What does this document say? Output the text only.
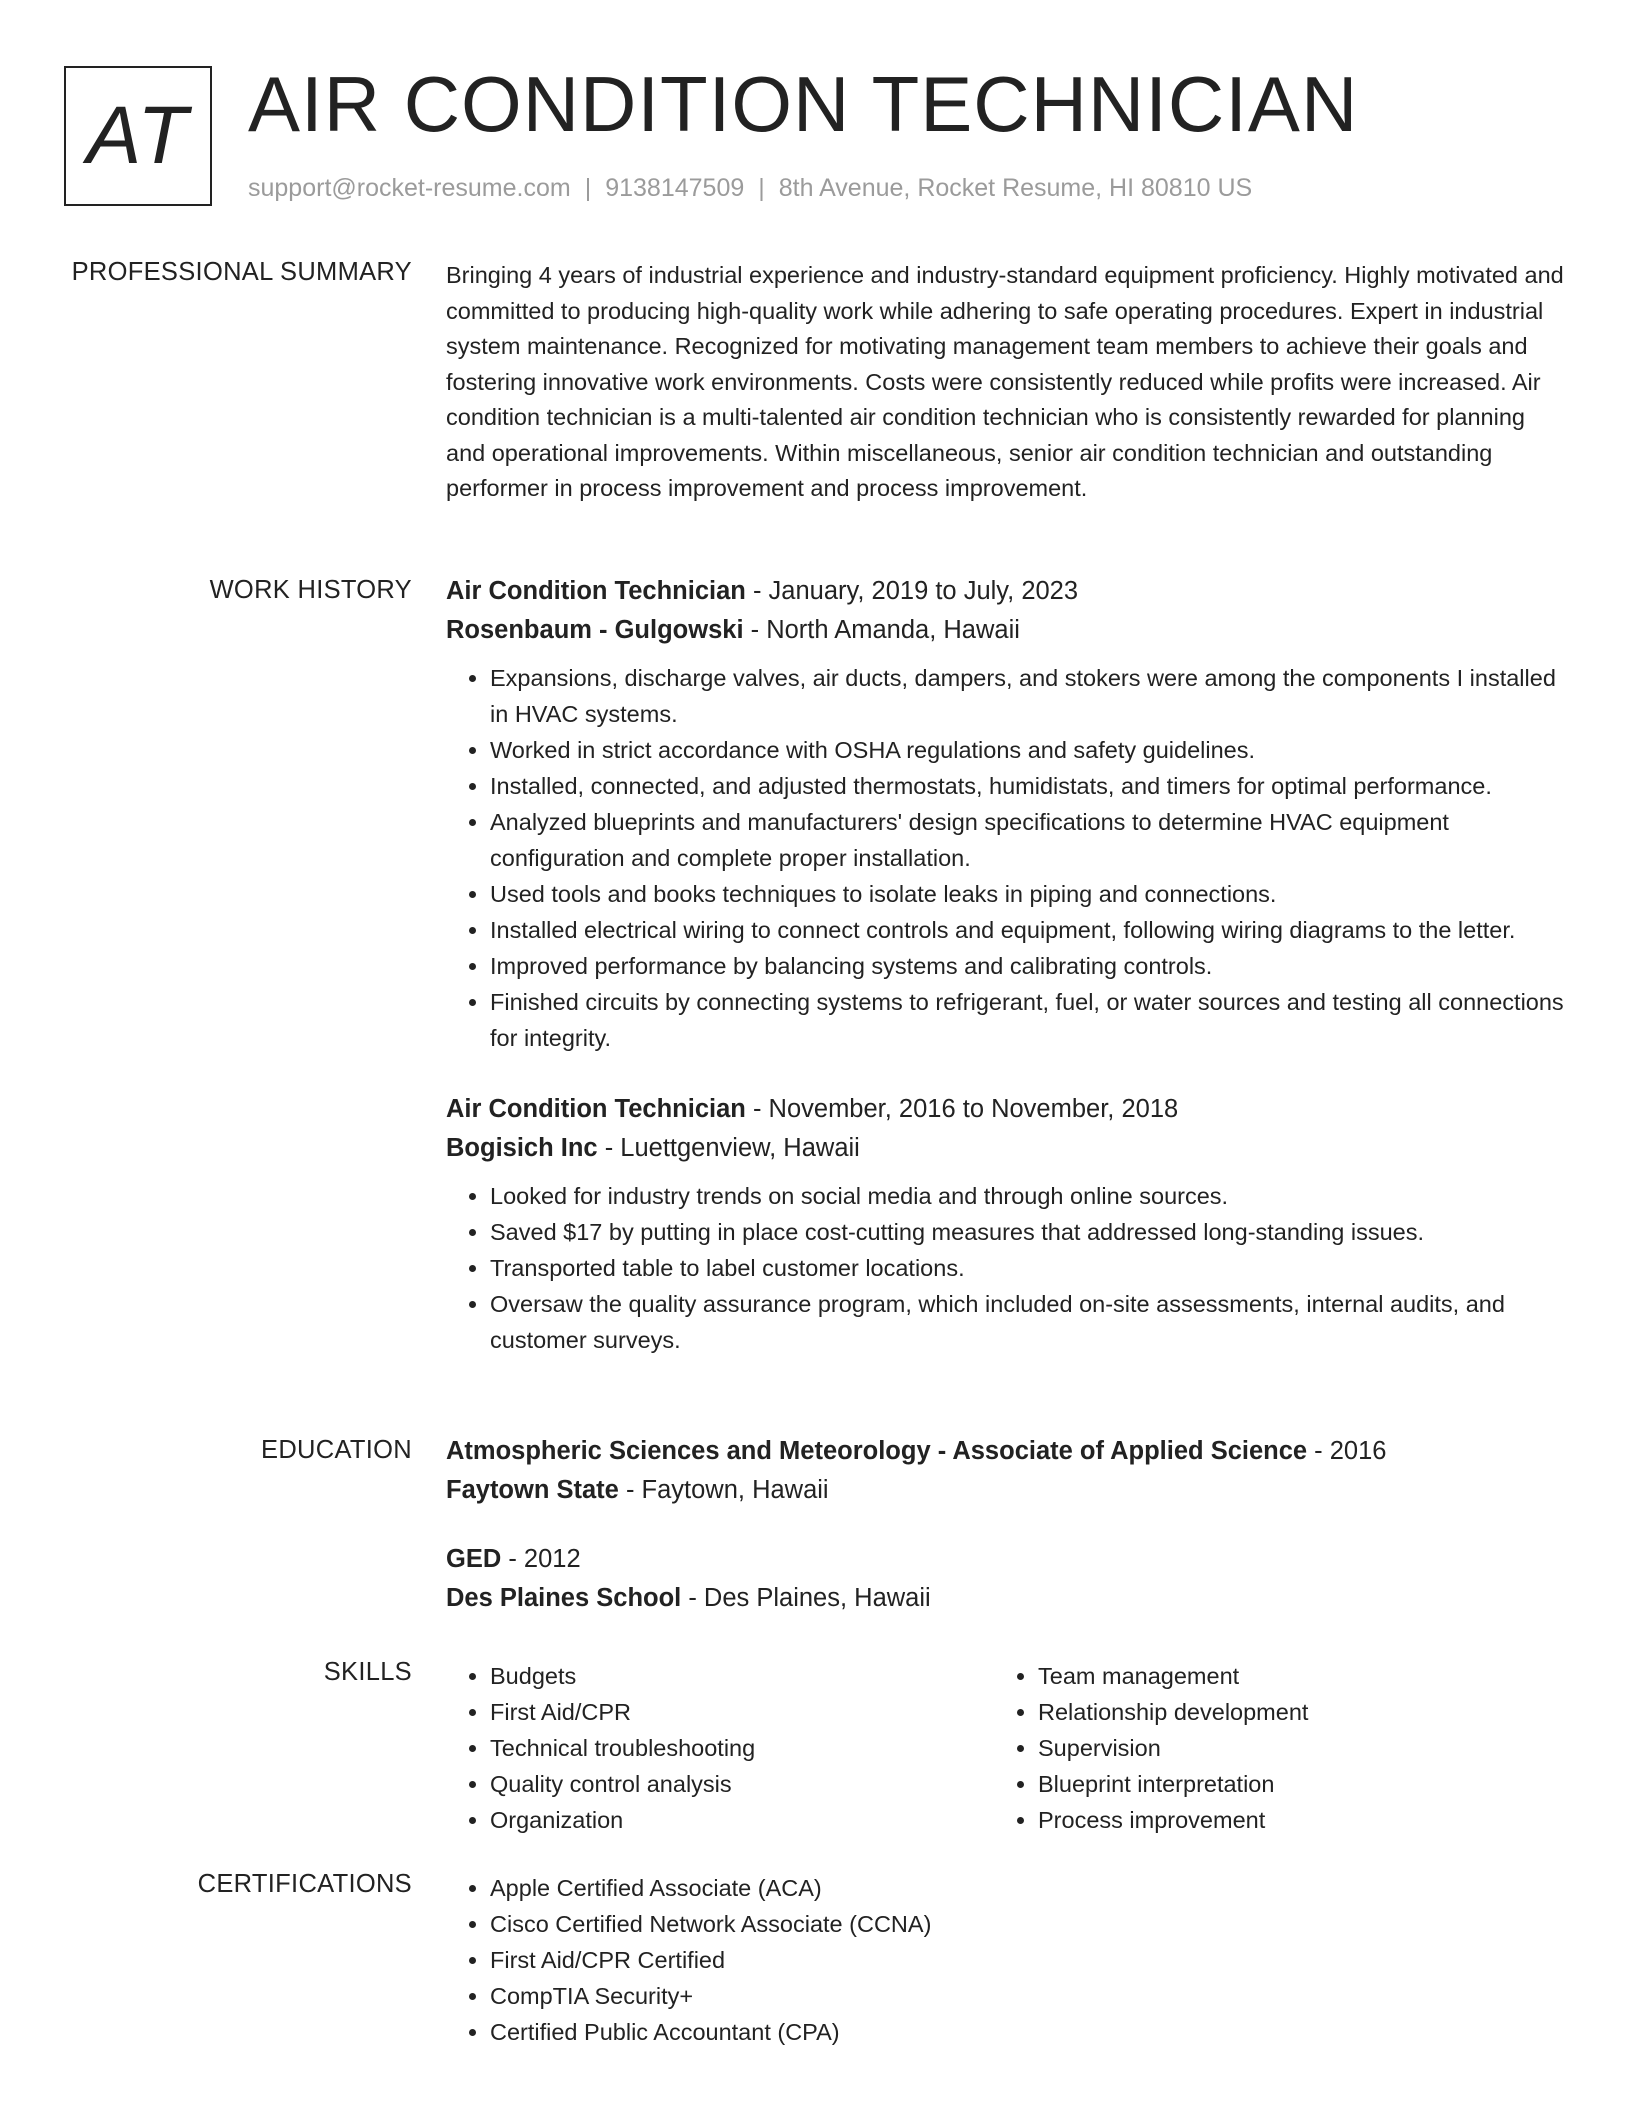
AT AIR CONDITION TECHNICIAN
support@rocket-resume.com | 9138147509 | 8th Avenue, Rocket Resume, HI 80810 US
PROFESSIONAL SUMMARY Bringing 4 years of industrial experience and industry-standard equipment proficiency. Highly motivated and committed to producing high-quality work while adhering to safe operating procedures. Expert in industrial system maintenance. Recognized for motivating management team members to achieve their goals and fostering innovative work environments. Costs were consistently reduced while profits were increased. Air condition technician is a multi-talented air condition technician who is consistently rewarded for planning and operational improvements. Within miscellaneous, senior air condition technician and outstanding performer in process improvement and process improvement.

WORK HISTORY Air Condition Technician - January, 2019 to July, 2023
Rosenbaum - Gulgowski - North Amanda, Hawaii
• Expansions, discharge valves, air ducts, dampers, and stokers were among the components I installed in HVAC systems.
• Worked in strict accordance with OSHA regulations and safety guidelines.
• Installed, connected, and adjusted thermostats, humidistats, and timers for optimal performance.
• Analyzed blueprints and manufacturers' design specifications to determine HVAC equipment configuration and complete proper installation.
• Used tools and books techniques to isolate leaks in piping and connections.
• Installed electrical wiring to connect controls and equipment, following wiring diagrams to the letter.
• Improved performance by balancing systems and calibrating controls.
• Finished circuits by connecting systems to refrigerant, fuel, or water sources and testing all connections for integrity.
Air Condition Technician - November, 2016 to November, 2018
Bogisich Inc - Luettgenview, Hawaii
• Looked for industry trends on social media and through online sources.
• Saved $17 by putting in place cost-cutting measures that addressed long-standing issues.
• Transported table to label customer locations.
• Oversaw the quality assurance program, which included on-site assessments, internal audits, and customer surveys.
EDUCATION Atmospheric Sciences and Meteorology - Associate of Applied Science - 2016
Faytown State - Faytown, Hawaii
GED - 2012
Des Plaines School - Des Plaines, Hawaii
SKILLS	• Budgets
• First Aid/CPR
• Technical troubleshooting
• Quality control analysis
• Organization
• Team management
• Relationship development
• Supervision
• Blueprint interpretation
• Process improvement
CERTIFICATIONS	• Apple Certified Associate (ACA)
• Cisco Certified Network Associate (CCNA)
• First Aid/CPR Certified
• CompTIA Security+
• Certified Public Accountant (CPA)
